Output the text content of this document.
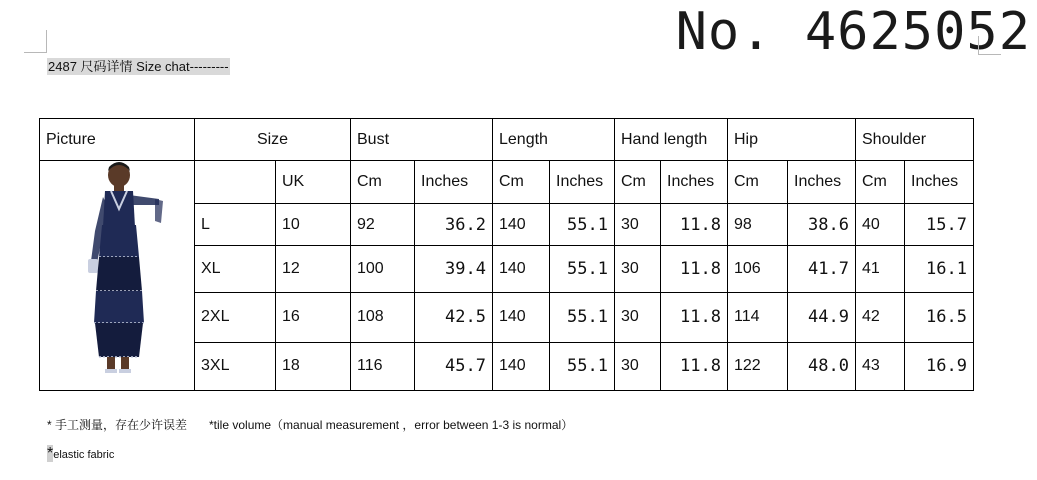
No. 4625052
2487 尺码详情 Size chat---------
Picture	Size		Bust		Length		Hand length		Hip		Shoulder	
		UK	Cm	Inches	Cm	Inches	Cm	Inches	Cm	Inches	Cm	Inches
	L	10	92	36.2	140	55.1	30	11.8	98	38.6	40	15.7
	XL	12	100	39.4	140	55.1	30	11.8	106	41.7	41	16.1
	2XL	16	108	42.5	140	55.1	30	11.8	114	44.9	42	16.5
	3XL	18	116	45.7	140	55.1	30	11.8	122	48.0	43	16.9
* 手工测量，存在少许误差 *tile volume（manual measurement ，error between 1-3 is normal）
*elastic fabric
